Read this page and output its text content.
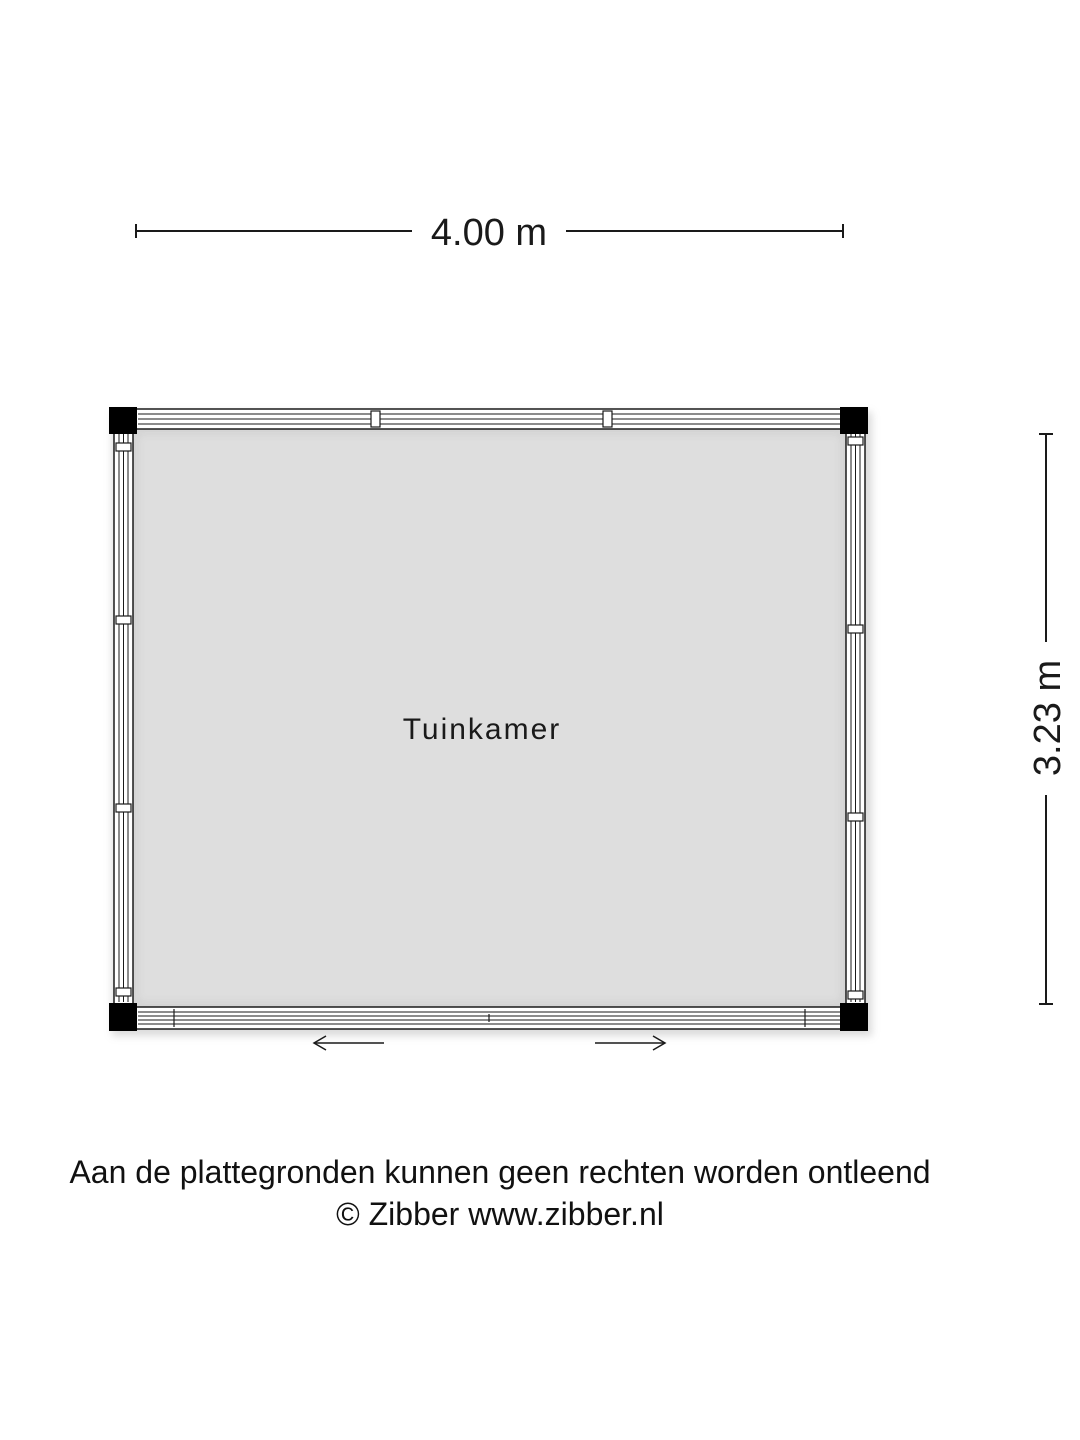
4.00 m
3.23 m
Tuinkamer
Aan de plattegronden kunnen geen rechten worden ontleend
© Zibber www.zibber.nl
